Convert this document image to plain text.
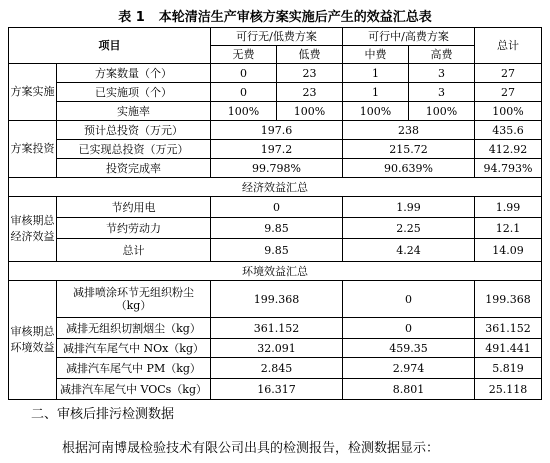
表 1 本轮清洁生产审核方案实施后产生的效益汇总表
项目		可行无/低费方案		可行中/高费方案		总计
		无费	低费	中费	高费	
方案实施	方案数量（个）	0	23	1	3	27
	已实施项（个）	0	23	1	3	27
	实施率	100%	100%	100%	100%	100%
方案投资	预计总投资（万元）	197.6		238		435.6
	已实现总投资（万元）	197.2		215.72		412.92
	投资完成率	99.798%		90.639%		94.793%
经济效益汇总						
审核期总经济效益	节约用电	0		1.99		1.99
	节约劳动力	9.85		2.25		12.1
	总计	9.85		4.24		14.09
环境效益汇总						
审核期总环境效益	减排喷涂环节无组织粉尘（kg）	199.368		0		199.368
	减排无组织切割烟尘（kg）	361.152		0		361.152
	减排汽车尾气中 NOx（kg）	32.091		459.35		491.441
	减排汽车尾气中 PM（kg）	2.845		2.974		5.819
	减排汽车尾气中 VOCs（kg）	16.317		8.801		25.118
二、审核后排污检测数据
根据河南博晟检验技术有限公司出具的检测报告，检测数据显示：
